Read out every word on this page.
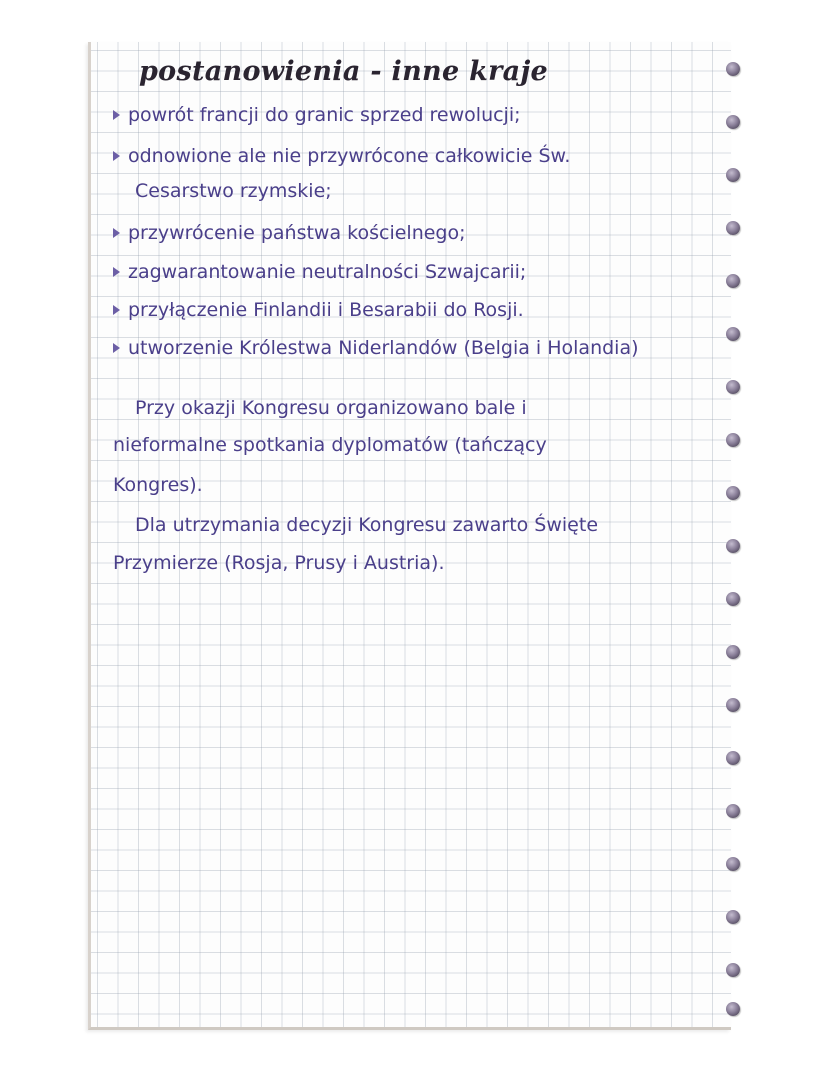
postanowienia - inne kraje
powrót francji do granic sprzed rewolucji;
odnowione ale nie przywrócone całkowicie Św.
Cesarstwo rzymskie;
przywrócenie państwa kościelnego;
zagwarantowanie neutralności Szwajcarii;
przyłączenie Finlandii i Besarabii do Rosji.
utworzenie Królestwa Niderlandów (Belgia i Holandia)
Przy okazji Kongresu organizowano bale i
nieformalne spotkania dyplomatów (tańczący
Kongres).
Dla utrzymania decyzji Kongresu zawarto Święte
Przymierze (Rosja, Prusy i Austria).
